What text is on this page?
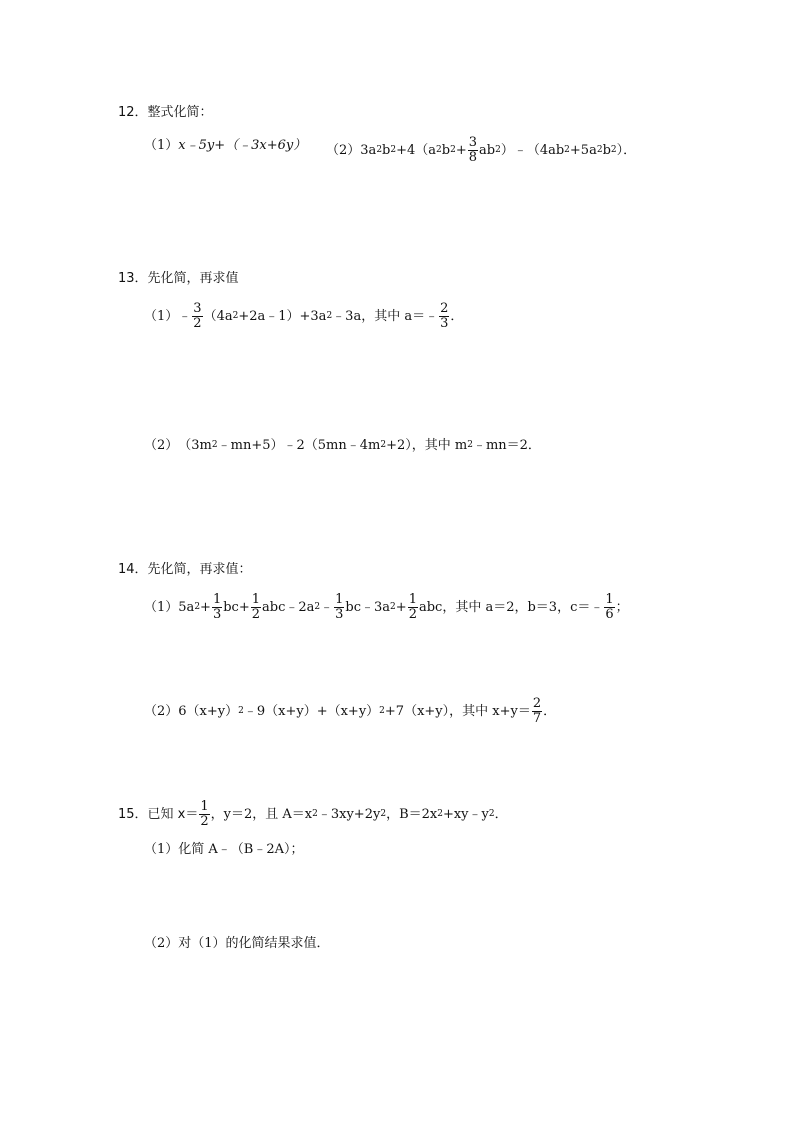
12．整式化简：
（1） x﹣5y+（﹣3x+6y） （2） $3a^2$ $b^2 +4(a^2$ $b^2 + \frac{3}{8} ab^2$ ）$﹣(4ab^2 +5a^2$ $b^2$ ）．
13．先化简，再求值
（1）﹣ $\frac{3}{2} (4a^2$ $+2a﹣1)+3a^2$ ﹣3a，其中 a＝﹣ $\frac{2}{3}$ ．
（2） （$3m^2$ $﹣mn+5)﹣2(5mn﹣4m^2 +2)$，其中 $m^2$ ﹣mn＝2．
14．先化简，再求值：
（1） $5a^2 + \frac{1}{3} bc+ \frac{1}{2}$ $abc﹣2a^2$ ﹣ $\frac{1}{3}$ $bc﹣3a^2 + \frac{1}{2}$ abc，其中 a＝2，b＝3，c＝﹣ $\frac{1}{6}$ ；
（2） $6(x+y)^2$ $﹣9(x+y)+(x+y)^2 +7(x+y)$，其中 $x+y= \frac{2}{7}$ ．
15．已知 $x= \frac{1}{2}$ ，y＝2，且 $A=x^2$ $﹣3xy+2y^2$ ，$B=2x^2$ $+xy﹣y^2$ ．
（1）化简 A﹣（B﹣2A）；
（2）对（1）的化简结果求值．
